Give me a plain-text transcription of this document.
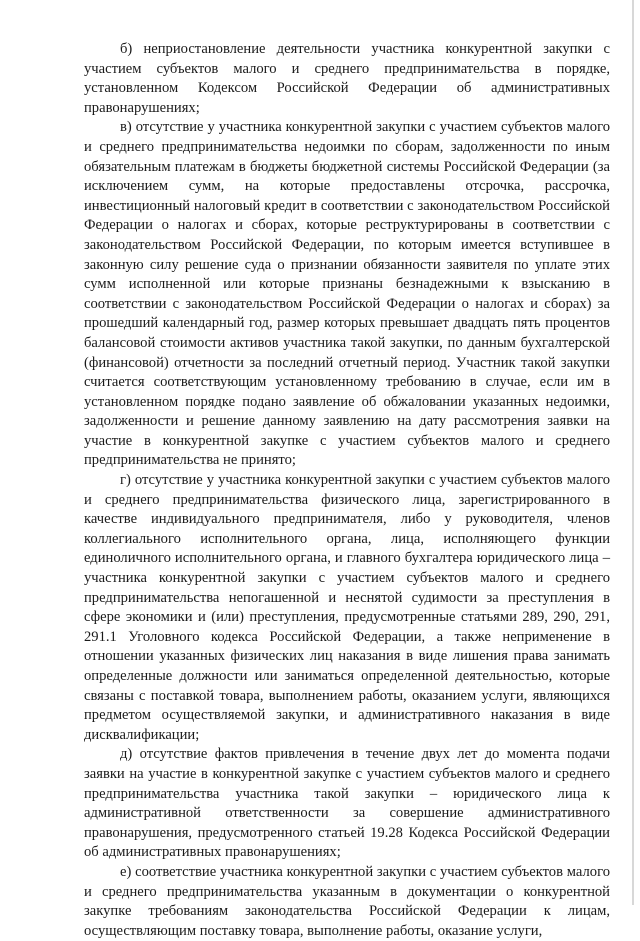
б) неприостановление деятельности участника конкурентной закупки с участием субъектов малого и среднего предпринимательства в порядке, установленном Кодексом Российской Федерации об административных правонарушениях;

в) отсутствие у участника конкурентной закупки с участием субъектов малого и среднего предпринимательства недоимки по сборам, задолженности по иным обязательным платежам в бюджеты бюджетной системы Российской Федерации (за исключением сумм, на которые предоставлены отсрочка, рассрочка, инвестиционный налоговый кредит в соответствии с законодательством Российской Федерации о налогах и сборах, которые реструктурированы в соответствии с законодательством Российской Федерации, по которым имеется вступившее в законную силу решение суда о признании обязанности заявителя по уплате этих сумм исполненной или которые признаны безнадежными к взысканию в соответствии с законодательством Российской Федерации о налогах и сборах) за прошедший календарный год, размер которых превышает двадцать пять процентов балансовой стоимости активов участника такой закупки, по данным бухгалтерской (финансовой) отчетности за последний отчетный период. Участник такой закупки считается соответствующим установленному требованию в случае, если им в установленном порядке подано заявление об обжаловании указанных недоимки, задолженности и решение данному заявлению на дату рассмотрения заявки на участие в конкурентной закупке с участием субъектов малого и среднего предпринимательства не принято;

г) отсутствие у участника конкурентной закупки с участием субъектов малого и среднего предпринимательства физического лица, зарегистрированного в качестве индивидуального предпринимателя, либо у руководителя, членов коллегиального исполнительного органа, лица, исполняющего функции единоличного исполнительного органа, и главного бухгалтера юридического лица – участника конкурентной закупки с участием субъектов малого и среднего предпринимательства непогашенной и неснятой судимости за преступления в сфере экономики и (или) преступления, предусмотренные статьями 289, 290, 291, 291.1 Уголовного кодекса Российской Федерации, а также неприменение в отношении указанных физических лиц наказания в виде лишения права занимать определенные должности или заниматься определенной деятельностью, которые связаны с поставкой товара, выполнением работы, оказанием услуги, являющихся предметом осуществляемой закупки, и административного наказания в виде дисквалификации;

д) отсутствие фактов привлечения в течение двух лет до момента подачи заявки на участие в конкурентной закупке с участием субъектов малого и среднего предпринимательства участника такой закупки – юридического лица к административной ответственности за совершение административного правонарушения, предусмотренного статьей 19.28 Кодекса Российской Федерации об административных правонарушениях;

е) соответствие участника конкурентной закупки с участием субъектов малого и среднего предпринимательства указанным в документации о конкурентной закупке требованиям законодательства Российской Федерации к лицам, осуществляющим поставку товара, выполнение работы, оказание услуги,
